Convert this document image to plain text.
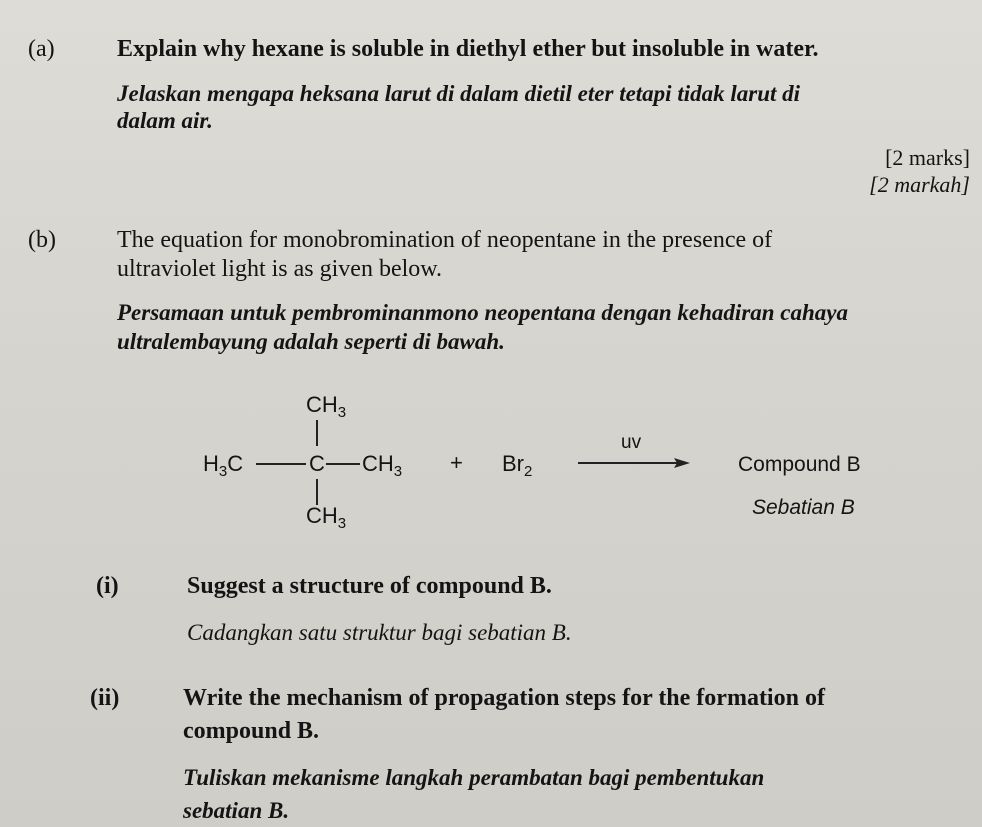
(a)	Explain why hexane is soluble in diethyl ether but insoluble in water.
Jelaskan mengapa heksana larut di dalam dietil eter tetapi tidak larut di
dalam air.
[2 marks]
[2 markah]
(b)	The equation for monobromination of neopentane in the presence of
ultraviolet light is as given below.
Persamaan untuk pembrominanmono neopentana dengan kehadiran cahaya
ultralembayung adalah seperti di bawah.
$CH_3$
$H_3C$	C $CH_3$
$CH_3$
+ $Br_2$
uv
Compound B
Sebatian B
(i)	Suggest a structure of compound B.
Cadangkan satu struktur bagi sebatian B.
(ii)	Write the mechanism of propagation steps for the formation of
compound B.
Tuliskan mekanisme langkah perambatan bagi pembentukan
sebatian B.
